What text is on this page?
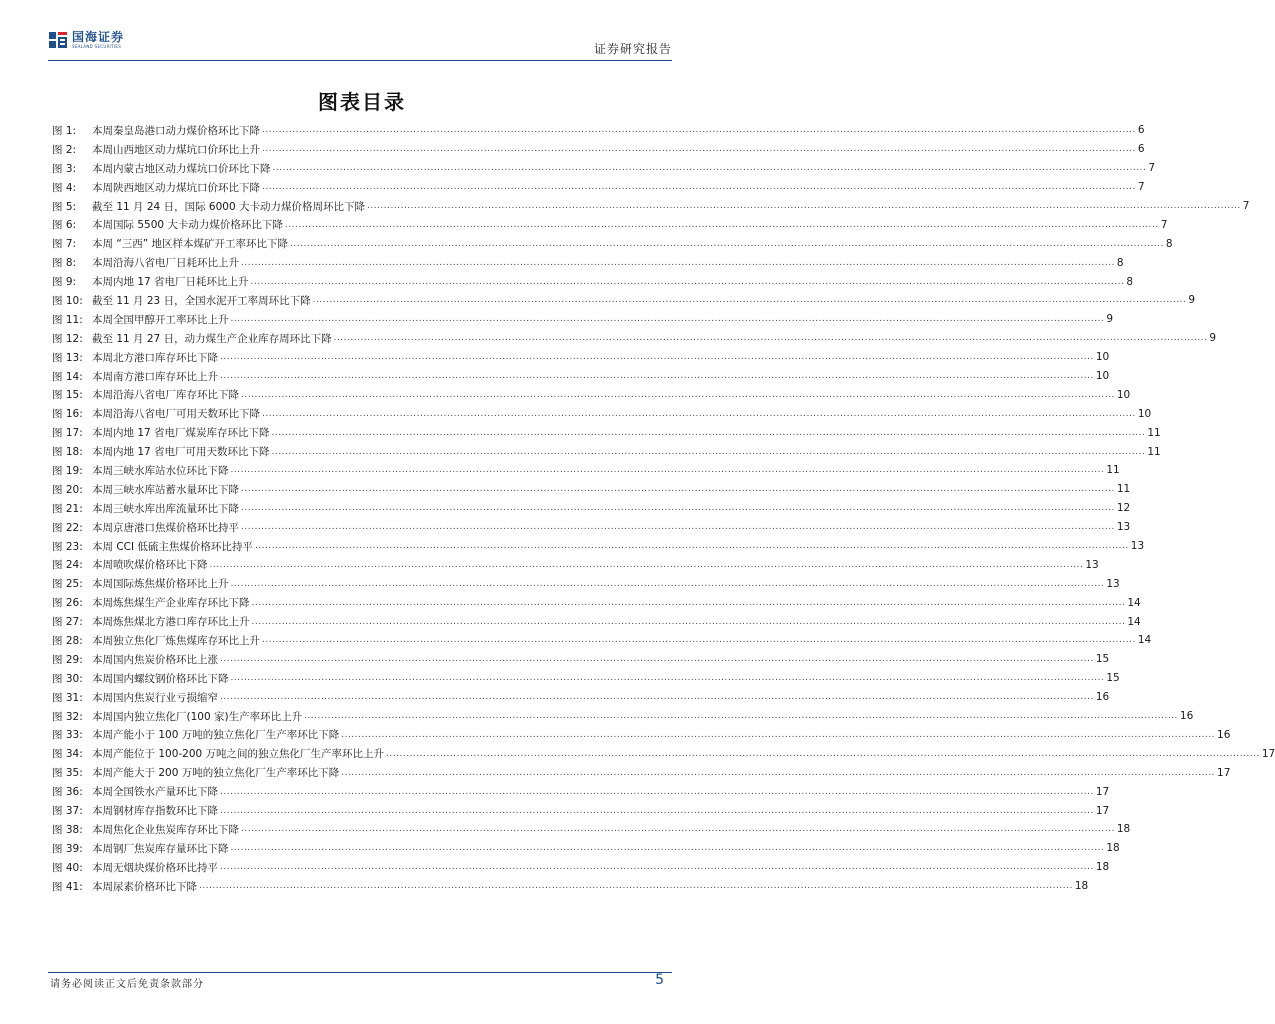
国海证券
SEALAND SECURITIES	证券研究报告
图表目录
图 1:	本周秦皇岛港口动力煤价格环比下降 .................................................................................................................................................................................................................................................................... 6
图 2:	本周山西地区动力煤坑口价环比上升 .................................................................................................................................................................................................................................................................... 6
图 3:	本周内蒙古地区动力煤坑口价环比下降 .................................................................................................................................................................................................................................................................... 7
图 4:	本周陕西地区动力煤坑口价环比下降 .................................................................................................................................................................................................................................................................... 7
图 5:	截至 11 月 24 日，国际 6000 大卡动力煤价格周环比下降 .................................................................................................................................................................................................................................................................... 7
图 6:	本周国际 5500 大卡动力煤价格环比下降 .................................................................................................................................................................................................................................................................... 7
图 7:	本周 “三西” 地区样本煤矿开工率环比下降 .................................................................................................................................................................................................................................................................... 8
图 8:	本周沿海八省电厂日耗环比上升 .................................................................................................................................................................................................................................................................... 8
图 9:	本周内地 17 省电厂日耗环比上升 .................................................................................................................................................................................................................................................................... 8
图 10: 截至 11 月 23 日，全国水泥开工率周环比下降 .................................................................................................................................................................................................................................................................... 9
图 11: 本周全国甲醇开工率环比上升 .................................................................................................................................................................................................................................................................... 9
图 12: 截至 11 月 27 日，动力煤生产企业库存周环比下降 .................................................................................................................................................................................................................................................................... 9
图 13: 本周北方港口库存环比下降 .................................................................................................................................................................................................................................................................... 10
图 14: 本周南方港口库存环比上升 .................................................................................................................................................................................................................................................................... 10
图 15: 本周沿海八省电厂库存环比下降 .................................................................................................................................................................................................................................................................... 10
图 16: 本周沿海八省电厂可用天数环比下降 .................................................................................................................................................................................................................................................................... 10
图 17: 本周内地 17 省电厂煤炭库存环比下降 .................................................................................................................................................................................................................................................................... 11
图 18: 本周内地 17 省电厂可用天数环比下降 .................................................................................................................................................................................................................................................................... 11
图 19: 本周三峡水库站水位环比下降 .................................................................................................................................................................................................................................................................... 11
图 20: 本周三峡水库站蓄水量环比下降 .................................................................................................................................................................................................................................................................... 11
图 21: 本周三峡水库出库流量环比下降 .................................................................................................................................................................................................................................................................... 12
图 22: 本周京唐港口焦煤价格环比持平 .................................................................................................................................................................................................................................................................... 13
图 23: 本周 CCI 低硫主焦煤价格环比持平 .................................................................................................................................................................................................................................................................... 13
图 24: 本周喷吹煤价格环比下降 .................................................................................................................................................................................................................................................................... 13
图 25: 本周国际炼焦煤价格环比上升 .................................................................................................................................................................................................................................................................... 13
图 26: 本周炼焦煤生产企业库存环比下降 .................................................................................................................................................................................................................................................................... 14
图 27: 本周炼焦煤北方港口库存环比上升 .................................................................................................................................................................................................................................................................... 14
图 28: 本周独立焦化厂炼焦煤库存环比上升 .................................................................................................................................................................................................................................................................... 14
图 29: 本周国内焦炭价格环比上涨 .................................................................................................................................................................................................................................................................... 15
图 30: 本周国内螺纹钢价格环比下降 .................................................................................................................................................................................................................................................................... 15
图 31: 本周国内焦炭行业亏损缩窄 .................................................................................................................................................................................................................................................................... 16
图 32: 本周国内独立焦化厂(100 家)生产率环比上升 .................................................................................................................................................................................................................................................................... 16
图 33: 本周产能小于 100 万吨的独立焦化厂生产率环比下降 .................................................................................................................................................................................................................................................................... 16
图 34: 本周产能位于 100-200 万吨之间的独立焦化厂生产率环比上升 .................................................................................................................................................................................................................................................................... 17
图 35: 本周产能大于 200 万吨的独立焦化厂生产率环比下降 .................................................................................................................................................................................................................................................................... 17
图 36: 本周全国铁水产量环比下降 .................................................................................................................................................................................................................................................................... 17
图 37: 本周钢材库存指数环比下降 .................................................................................................................................................................................................................................................................... 17
图 38: 本周焦化企业焦炭库存环比下降 .................................................................................................................................................................................................................................................................... 18
图 39: 本周钢厂焦炭库存量环比下降 .................................................................................................................................................................................................................................................................... 18
图 40: 本周无烟块煤价格环比持平 .................................................................................................................................................................................................................................................................... 18
图 41: 本周尿素价格环比下降 .................................................................................................................................................................................................................................................................... 18
请务必阅读正文后免责条款部分	5
